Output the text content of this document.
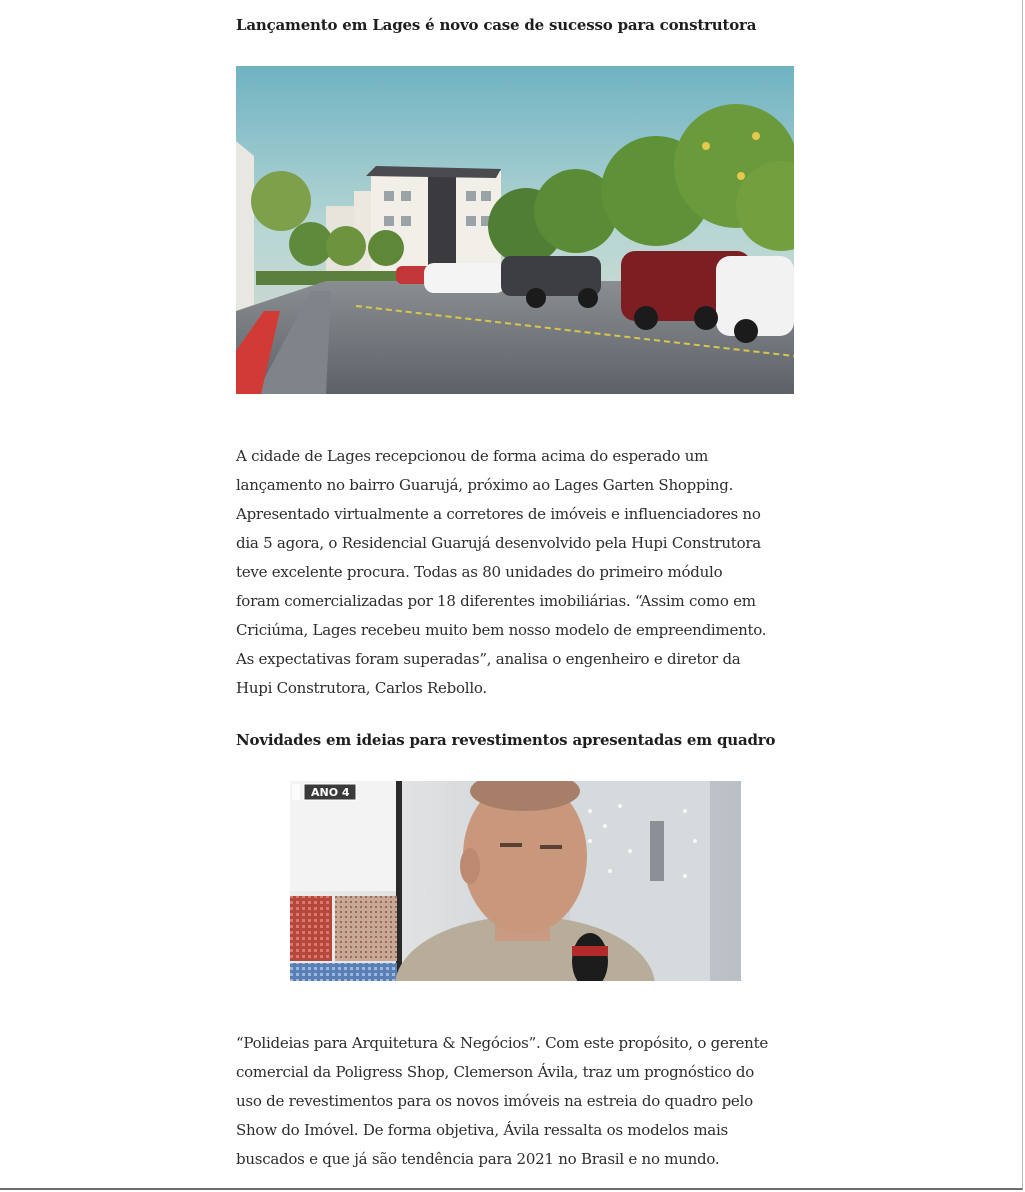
Lançamento em Lages é novo case de sucesso para construtora
A cidade de Lages recepcionou de forma acima do esperado um
lançamento no bairro Guarujá, próximo ao Lages Garten Shopping.
Apresentado virtualmente a corretores de imóveis e influenciadores no
dia 5 agora, o Residencial Guarujá desenvolvido pela Hupi Construtora
teve excelente procura. Todas as 80 unidades do primeiro módulo
foram comercializadas por 18 diferentes imobiliárias. “Assim como em
Criciúma, Lages recebeu muito bem nosso modelo de empreendimento.
As expectativas foram superadas”, analisa o engenheiro e diretor da
Hupi Construtora, Carlos Rebollo.
Novidades em ideias para revestimentos apresentadas em quadro
ANO 4
“Polideias para Arquitetura & Negócios”. Com este propósito, o gerente
comercial da Poligress Shop, Clemerson Ávila, traz um prognóstico do
uso de revestimentos para os novos imóveis na estreia do quadro pelo
Show do Imóvel. De forma objetiva, Ávila ressalta os modelos mais
buscados e que já são tendência para 2021 no Brasil e no mundo.
